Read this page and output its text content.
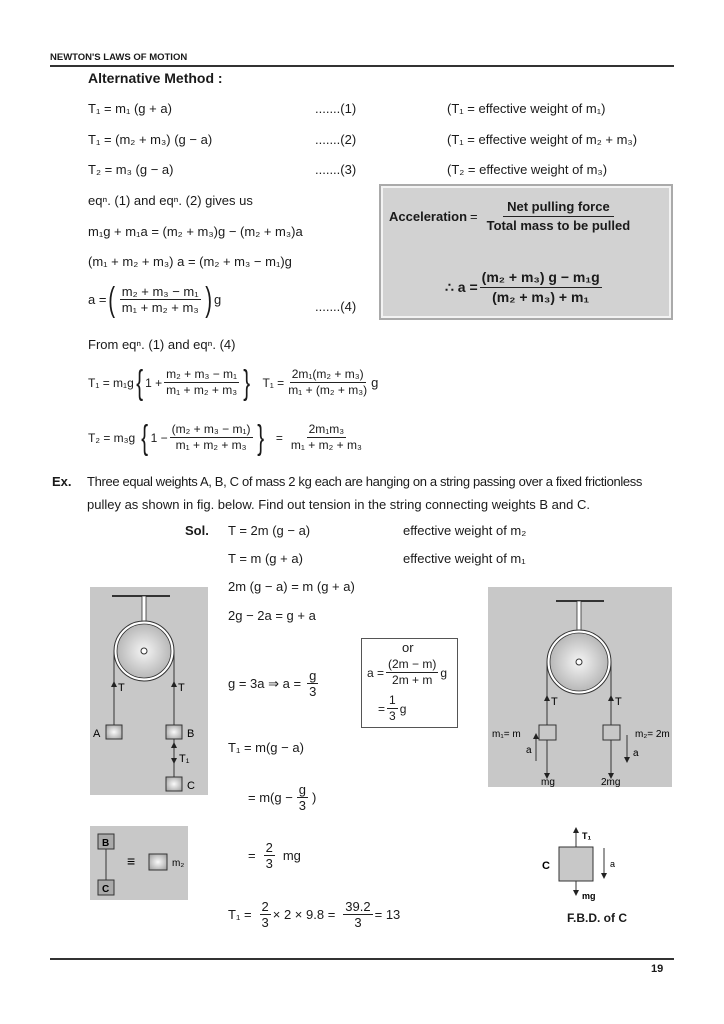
NEWTON'S LAWS OF MOTION
Alternative Method :
T₁ = m₁ (g + a)	.......(1)	(T₁ = effective weight of m₁)
T₁ = (m₂ + m₃) (g − a)	.......(2)	(T₁ = effective weight of m₂ + m₃)
T₂ = m₃ (g − a)	.......(3)	(T₂ = effective weight of m₃)
eqⁿ. (1) and eqⁿ. (2) gives us
m₁g + m₁a = (m₂ + m₃)g − (m₂ + m₃)a
(m₁ + m₂ + m₃) a = (m₂ + m₃ − m₁)g
a = ( $\frac{\text{m₂ + m₃ − m₁}}{\text{m₁ + m₂ + m₃}}$ ) g	.......(4)
Acceleration = $\frac{\text{Net pulling force}}{\text{Total mass to be pulled}}$
∴ $a = \frac{\text{(m₂ + m₃) g − m₁g}}{\text{(m₂ + m₃) + m₁}}$
From eqⁿ. (1) and eqⁿ. (4)
T₁ = m₁g { $1 + \frac{\text{m₂ + m₃ − m₁}}{\text{m₁ + m₂ + m₃}}$ } $T_1 = \frac{\text{2m₁(m₂ + m₃)}}{\text{m₁ + (m₂ + m₃)}}$ g
T₂ = m₃g { $1 - \frac{\text{(m₂ + m₃ − m₁)}}{\text{m₁ + m₂ + m₃}}$ } = $\frac{\text{2m₁m₃}}{\text{m₁ + m₂ + m₃}}$
Ex. Three equal weights A, B, C of mass 2 kg each are hanging on a string passing over a fixed frictionless
pulley as shown in fig. below. Find out tension in the string connecting weights B and C.
Sol. T = 2m (g − a)	effective weight of m₂
T = m (g + a)	effective weight of m₁
2m (g − a) = m (g + a)
2g − 2a = g + a
g = 3a ⇒ $a = \frac{g}{3}$
or
$a = \frac{(2m - m)}{2m + m}$ g
= $\frac{1}{3}$ g
T₁ = m(g − a)
= $m(g - \frac{g}{3}$ )
= $\frac{2}{3}$ mg
$T_1 = \frac{2}{3} \times 2 \times 9.8 = \frac{39.2}{3} = 13$
T	T
A	B
T₁
C
B
C
≡	m₂
T	T
m₁= m	m₂= 2m
a	a
mg	2mg
T₁
C	a
mg
F.B.D. of C
19
